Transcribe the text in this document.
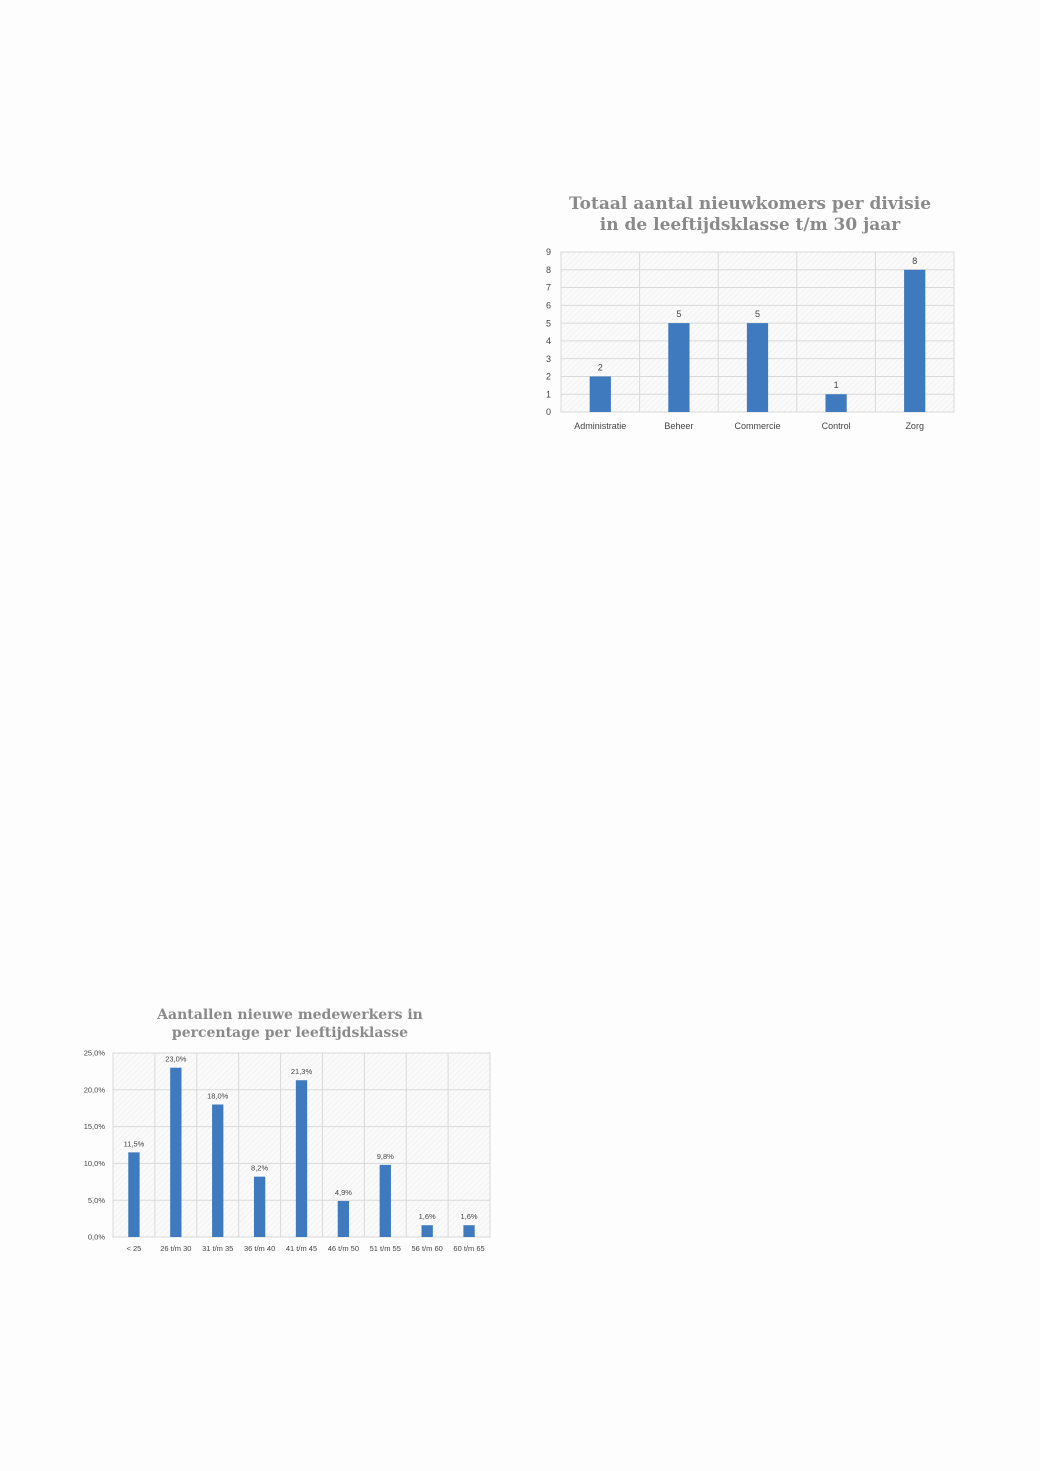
Totaal aantal nieuwkomers per divisie
in de leeftijdsklasse t/m 30 jaar
0
1
2
3
4
5
6
7
8
9
2
Administratie
5
Beheer
5
Commercie
1
Control
8
Zorg
Aantallen nieuwe medewerkers in
percentage per leeftijdsklasse
0,0%
5,0%
10,0%
15,0%
20,0%
25,0%
11,5%
< 25
23,0%
26 t/m 30
18,0%
31 t/m 35
8,2%
36 t/m 40
21,3%
41 t/m 45
4,9%
46 t/m 50
9,8%
51 t/m 55
1,6%
56 t/m 60
1,6%
60 t/m 65
